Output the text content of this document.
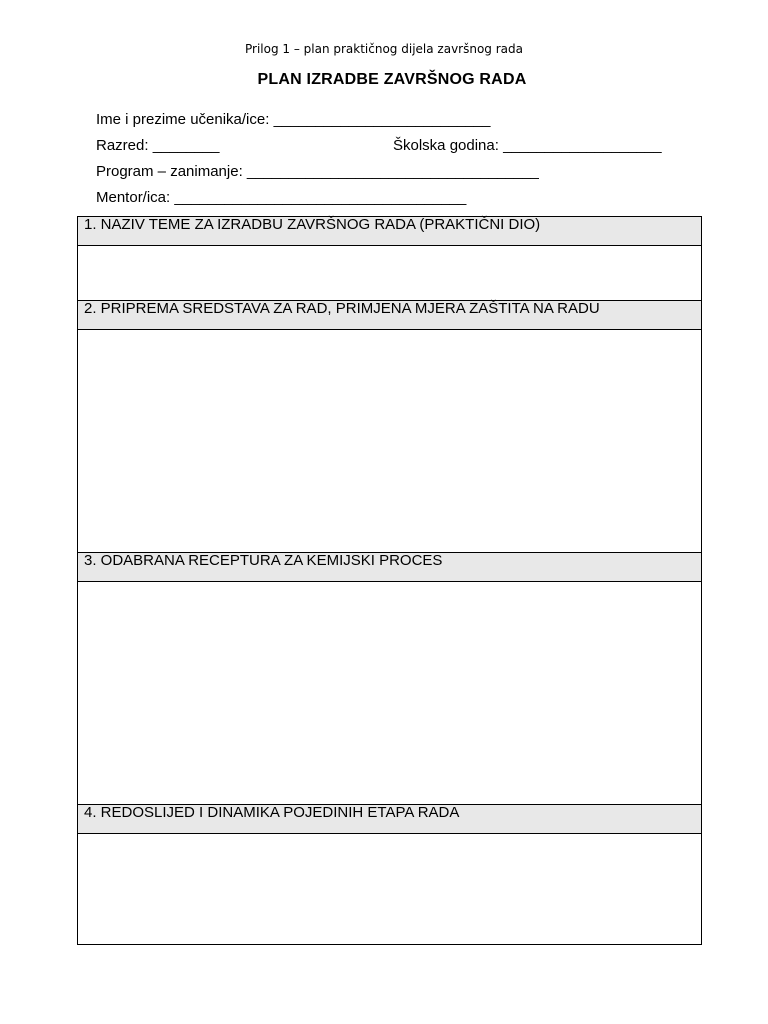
Prilog 1 – plan praktičnog dijela završnog rada
PLAN IZRADBE ZAVRŠNOG RADA
Ime i prezime učenika/ice: __________________________
Razred: ________	Školska godina: ___________________
Program – zanimanje: ___________________________________
Mentor/ica: ___________________________________
1. NAZIV TEME ZA IZRADBU ZAVRŠNOG RADA (PRAKTIČNI DIO)
2. PRIPREMA SREDSTAVA ZA RAD, PRIMJENA MJERA ZAŠTITA NA RADU
3. ODABRANA RECEPTURA ZA KEMIJSKI PROCES
4. REDOSLIJED I DINAMIKA POJEDINIH ETAPA RADA
